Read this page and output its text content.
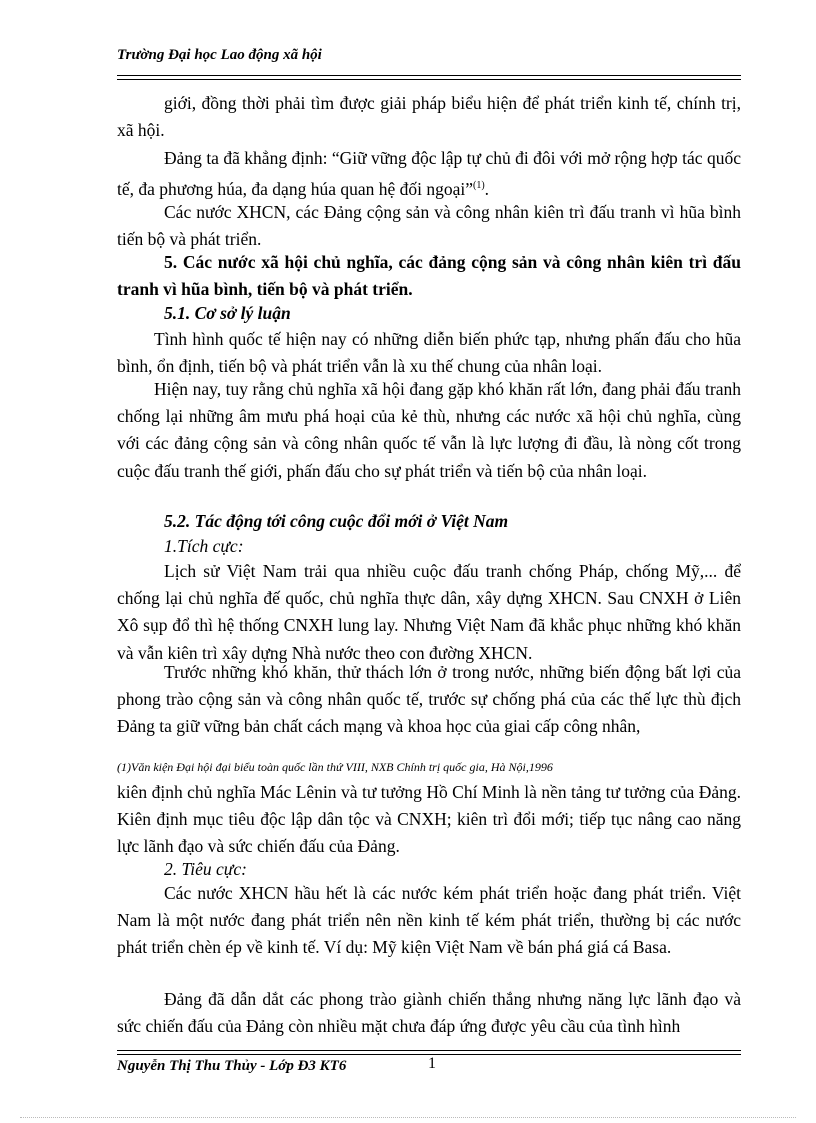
Trường Đại học Lao động xã hội

giới, đồng thời phải tìm được giải pháp biểu hiện để phát triển kinh tế, chính trị, xã hội.

Đảng ta đã khẳng định: “Giữ vững độc lập tự chủ đi đôi với mở rộng hợp tác quốc tế, đa phương húa, đa dạng húa quan hệ đối ngoại”$^{(1)}$.

Các nước XHCN, các Đảng cộng sản và công nhân kiên trì đấu tranh vì hũa bình tiến bộ và phát triển.

5. Các nước xã hội chủ nghĩa, các đảng cộng sản và công nhân kiên trì đấu tranh vì hũa bình, tiến bộ và phát triển.

5.1. Cơ sở lý luận

Tình hình quốc tế hiện nay có những diễn biến phức tạp, nhưng phấn đấu cho hũa bình, ổn định, tiến bộ và phát triển vẫn là xu thế chung của nhân loại.

Hiện nay, tuy rằng chủ nghĩa xã hội đang gặp khó khăn rất lớn, đang phải đấu tranh chống lại những âm mưu phá hoại của kẻ thù, nhưng các nước xã hội chủ nghĩa, cùng với các đảng cộng sản và công nhân quốc tế vẫn là lực lượng đi đầu, là nòng cốt trong cuộc đấu tranh thế giới, phấn đấu cho sự phát triển và tiến bộ của nhân loại.

5.2. Tác động tới công cuộc đổi mới ở Việt Nam

1.Tích cực:

Lịch sử Việt Nam trải qua nhiều cuộc đấu tranh chống Pháp, chống Mỹ,... để chống lại chủ nghĩa đế quốc, chủ nghĩa thực dân, xây dựng XHCN. Sau CNXH ở Liên Xô sụp đổ thì hệ thống CNXH lung lay. Nhưng Việt Nam đã khắc phục những khó khăn và vẫn kiên trì xây dựng Nhà nước theo con đường XHCN.

Trước những khó khăn, thử thách lớn ở trong nước, những biến động bất lợi của phong trào cộng sản và công nhân quốc tế, trước sự chống phá của các thế lực thù địch Đảng ta giữ vững bản chất cách mạng và khoa học của giai cấp công nhân,

(1)Văn kiện Đại hội đại biểu toàn quốc lần thứ VIII, NXB Chính trị quốc gia, Hà Nội,1996

kiên định chủ nghĩa Mác Lênin và tư tưởng Hồ Chí Minh là nền tảng tư tưởng của Đảng. Kiên định mục tiêu độc lập dân tộc và CNXH; kiên trì đổi mới; tiếp tục nâng cao năng lực lãnh đạo và sức chiến đấu của Đảng.

2. Tiêu cực:

Các nước XHCN hầu hết là các nước kém phát triển hoặc đang phát triển. Việt Nam là một nước đang phát triển nên nền kinh tế kém phát triển, thường bị các nước phát triển chèn ép về kinh tế. Ví dụ: Mỹ kiện Việt Nam về bán phá giá cá Basa.

Đảng đã dẫn dắt các phong trào giành chiến thắng nhưng năng lực lãnh đạo và sức chiến đấu của Đảng còn nhiều mặt chưa đáp ứng được yêu cầu của tình hình

Nguyễn Thị Thu Thủy - Lớp Đ3 KT6	1
